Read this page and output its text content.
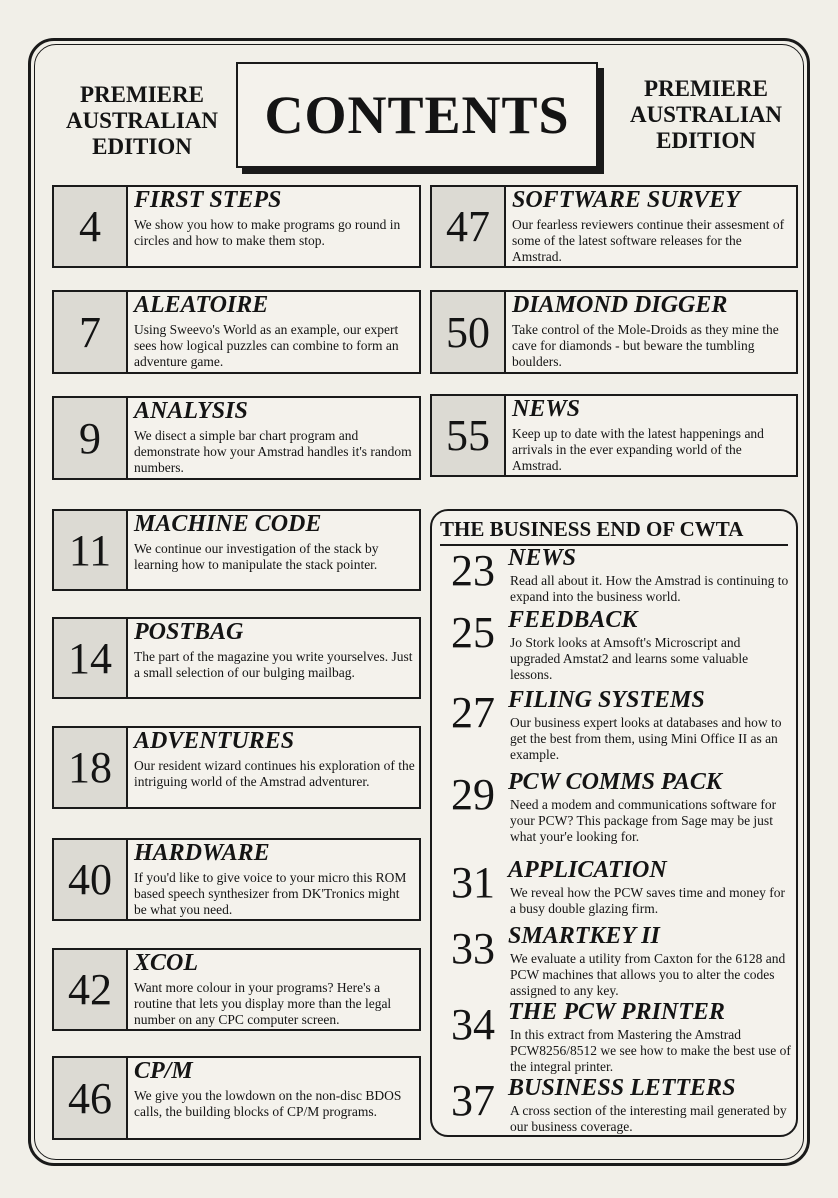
PREMIERE
AUSTRALIAN
EDITION
PREMIERE
AUSTRALIAN
EDITION
CONTENTS
4
FIRST STEPS
We show you how to make programs go round in circles and how to make them stop.
7
ALEATOIRE
Using Sweevo's World as an example, our expert sees how logical puzzles can combine to form an adventure game.
9
ANALYSIS
We disect a simple bar chart program and demonstrate how your Amstrad handles it's random numbers.
11
MACHINE CODE
We continue our investigation of the stack by learning how to manipulate the stack pointer.
14
POSTBAG
The part of the magazine you write yourselves. Just a small selection of our bulging mailbag.
18
ADVENTURES
Our resident wizard continues his exploration of the intriguing world of the Amstrad adventurer.
40
HARDWARE
If you'd like to give voice to your micro this ROM based speech synthesizer from DK'Tronics might be what you need.
42
XCOL
Want more colour in your programs? Here's a routine that lets you display more than the legal number on any CPC computer screen.
46
CP/M
We give you the lowdown on the non-disc BDOS calls, the building blocks of CP/M programs.
47
SOFTWARE SURVEY
Our fearless reviewers continue their assesment of some of the latest software releases for the Amstrad.
50
DIAMOND DIGGER
Take control of the Mole-Droids as they mine the cave for diamonds - but beware the tumbling boulders.
55
NEWS
Keep up to date with the latest happenings and arrivals in the ever expanding world of the Amstrad.
THE BUSINESS END OF CWTA
23 NEWS
Read all about it. How the Amstrad is continuing to expand into the business world.
25 FEEDBACK
Jo Stork looks at Amsoft's Microscript and upgraded Amstat2 and learns some valuable lessons.
27 FILING SYSTEMS
Our business expert looks at databases and how to get the best from them, using Mini Office II as an example.
29 PCW COMMS PACK
Need a modem and communications software for your PCW? This package from Sage may be just what your'e looking for.
31 APPLICATION
We reveal how the PCW saves time and money for a busy double glazing firm.
33 SMARTKEY II
We evaluate a utility from Caxton for the 6128 and PCW machines that allows you to alter the codes assigned to any key.
34 THE PCW PRINTER
In this extract from Mastering the Amstrad PCW8256/8512 we see how to make the best use of the integral printer.
37 BUSINESS LETTERS
A cross section of the interesting mail generated by our business coverage.
